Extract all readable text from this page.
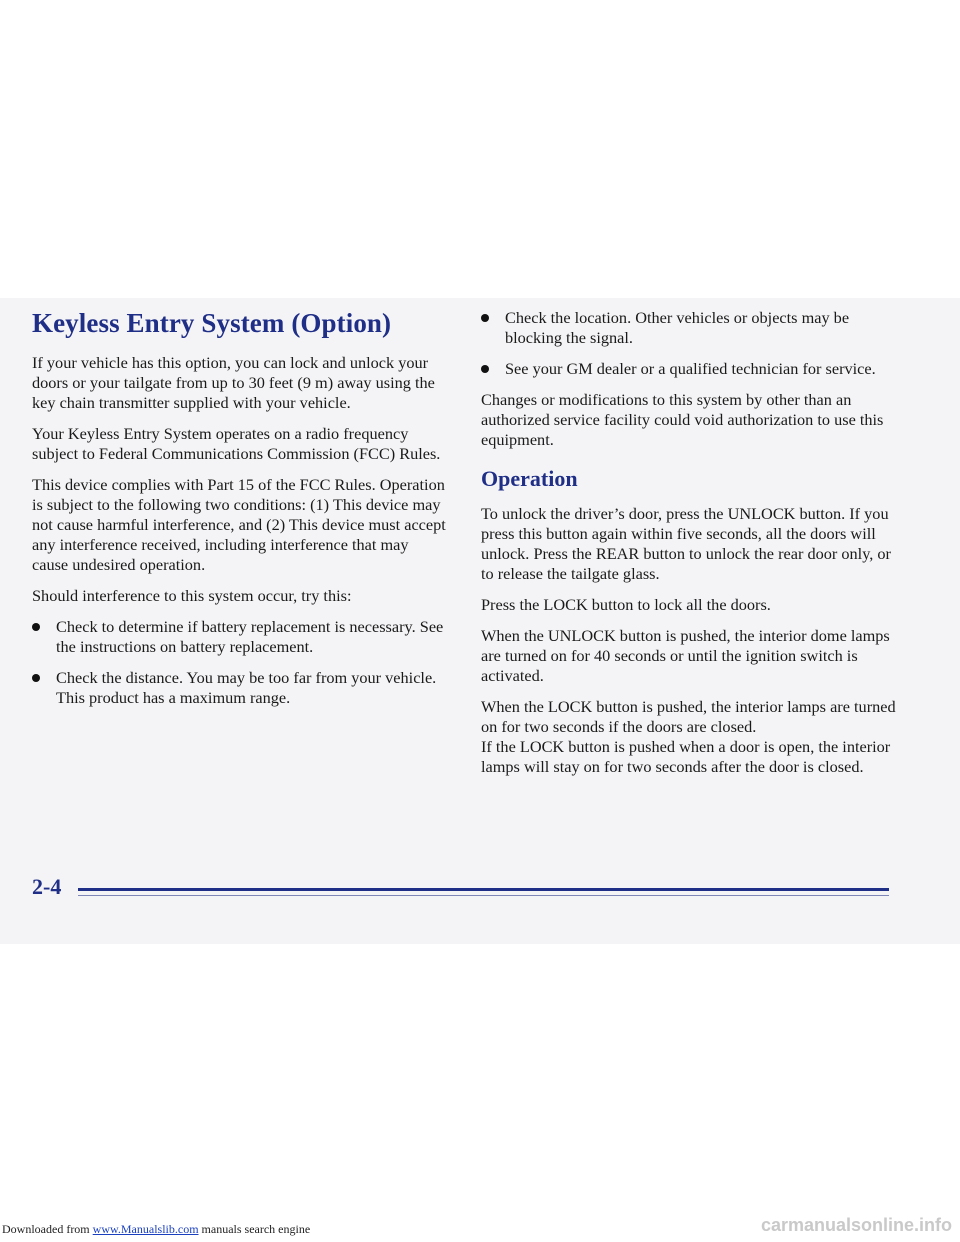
Keyless Entry System (Option)

If your vehicle has this option, you can lock and unlock your doors or your tailgate from up to 30 feet (9 m) away using the key chain transmitter supplied with your vehicle.

Your Keyless Entry System operates on a radio frequency subject to Federal Communications Commission (FCC) Rules.

This device complies with Part 15 of the FCC Rules. Operation is subject to the following two conditions: (1) This device may not cause harmful interference, and (2) This device must accept any interference received, including interference that may cause undesired operation.

Should interference to this system occur, try this:

Check to determine if battery replacement is necessary. See the instructions on battery replacement.
Check the distance. You may be too far from your vehicle. This product has a maximum range.
Check the location. Other vehicles or objects may be blocking the signal.
See your GM dealer or a qualified technician for service.

Changes or modifications to this system by other than an authorized service facility could void authorization to use this equipment.

Operation

To unlock the driver’s door, press the UNLOCK button. If you press this button again within five seconds, all the doors will unlock. Press the REAR button to unlock the rear door only, or to release the tailgate glass.

Press the LOCK button to lock all the doors.

When the UNLOCK button is pushed, the interior dome lamps are turned on for 40 seconds or until the ignition switch is activated.

When the LOCK button is pushed, the interior lamps are turned on for two seconds if the doors are closed.

If the LOCK button is pushed when a door is open, the interior lamps will stay on for two seconds after the door is closed.

2-4
Downloaded from www.Manualslib.com manuals search engine	carmanualsonline.info
